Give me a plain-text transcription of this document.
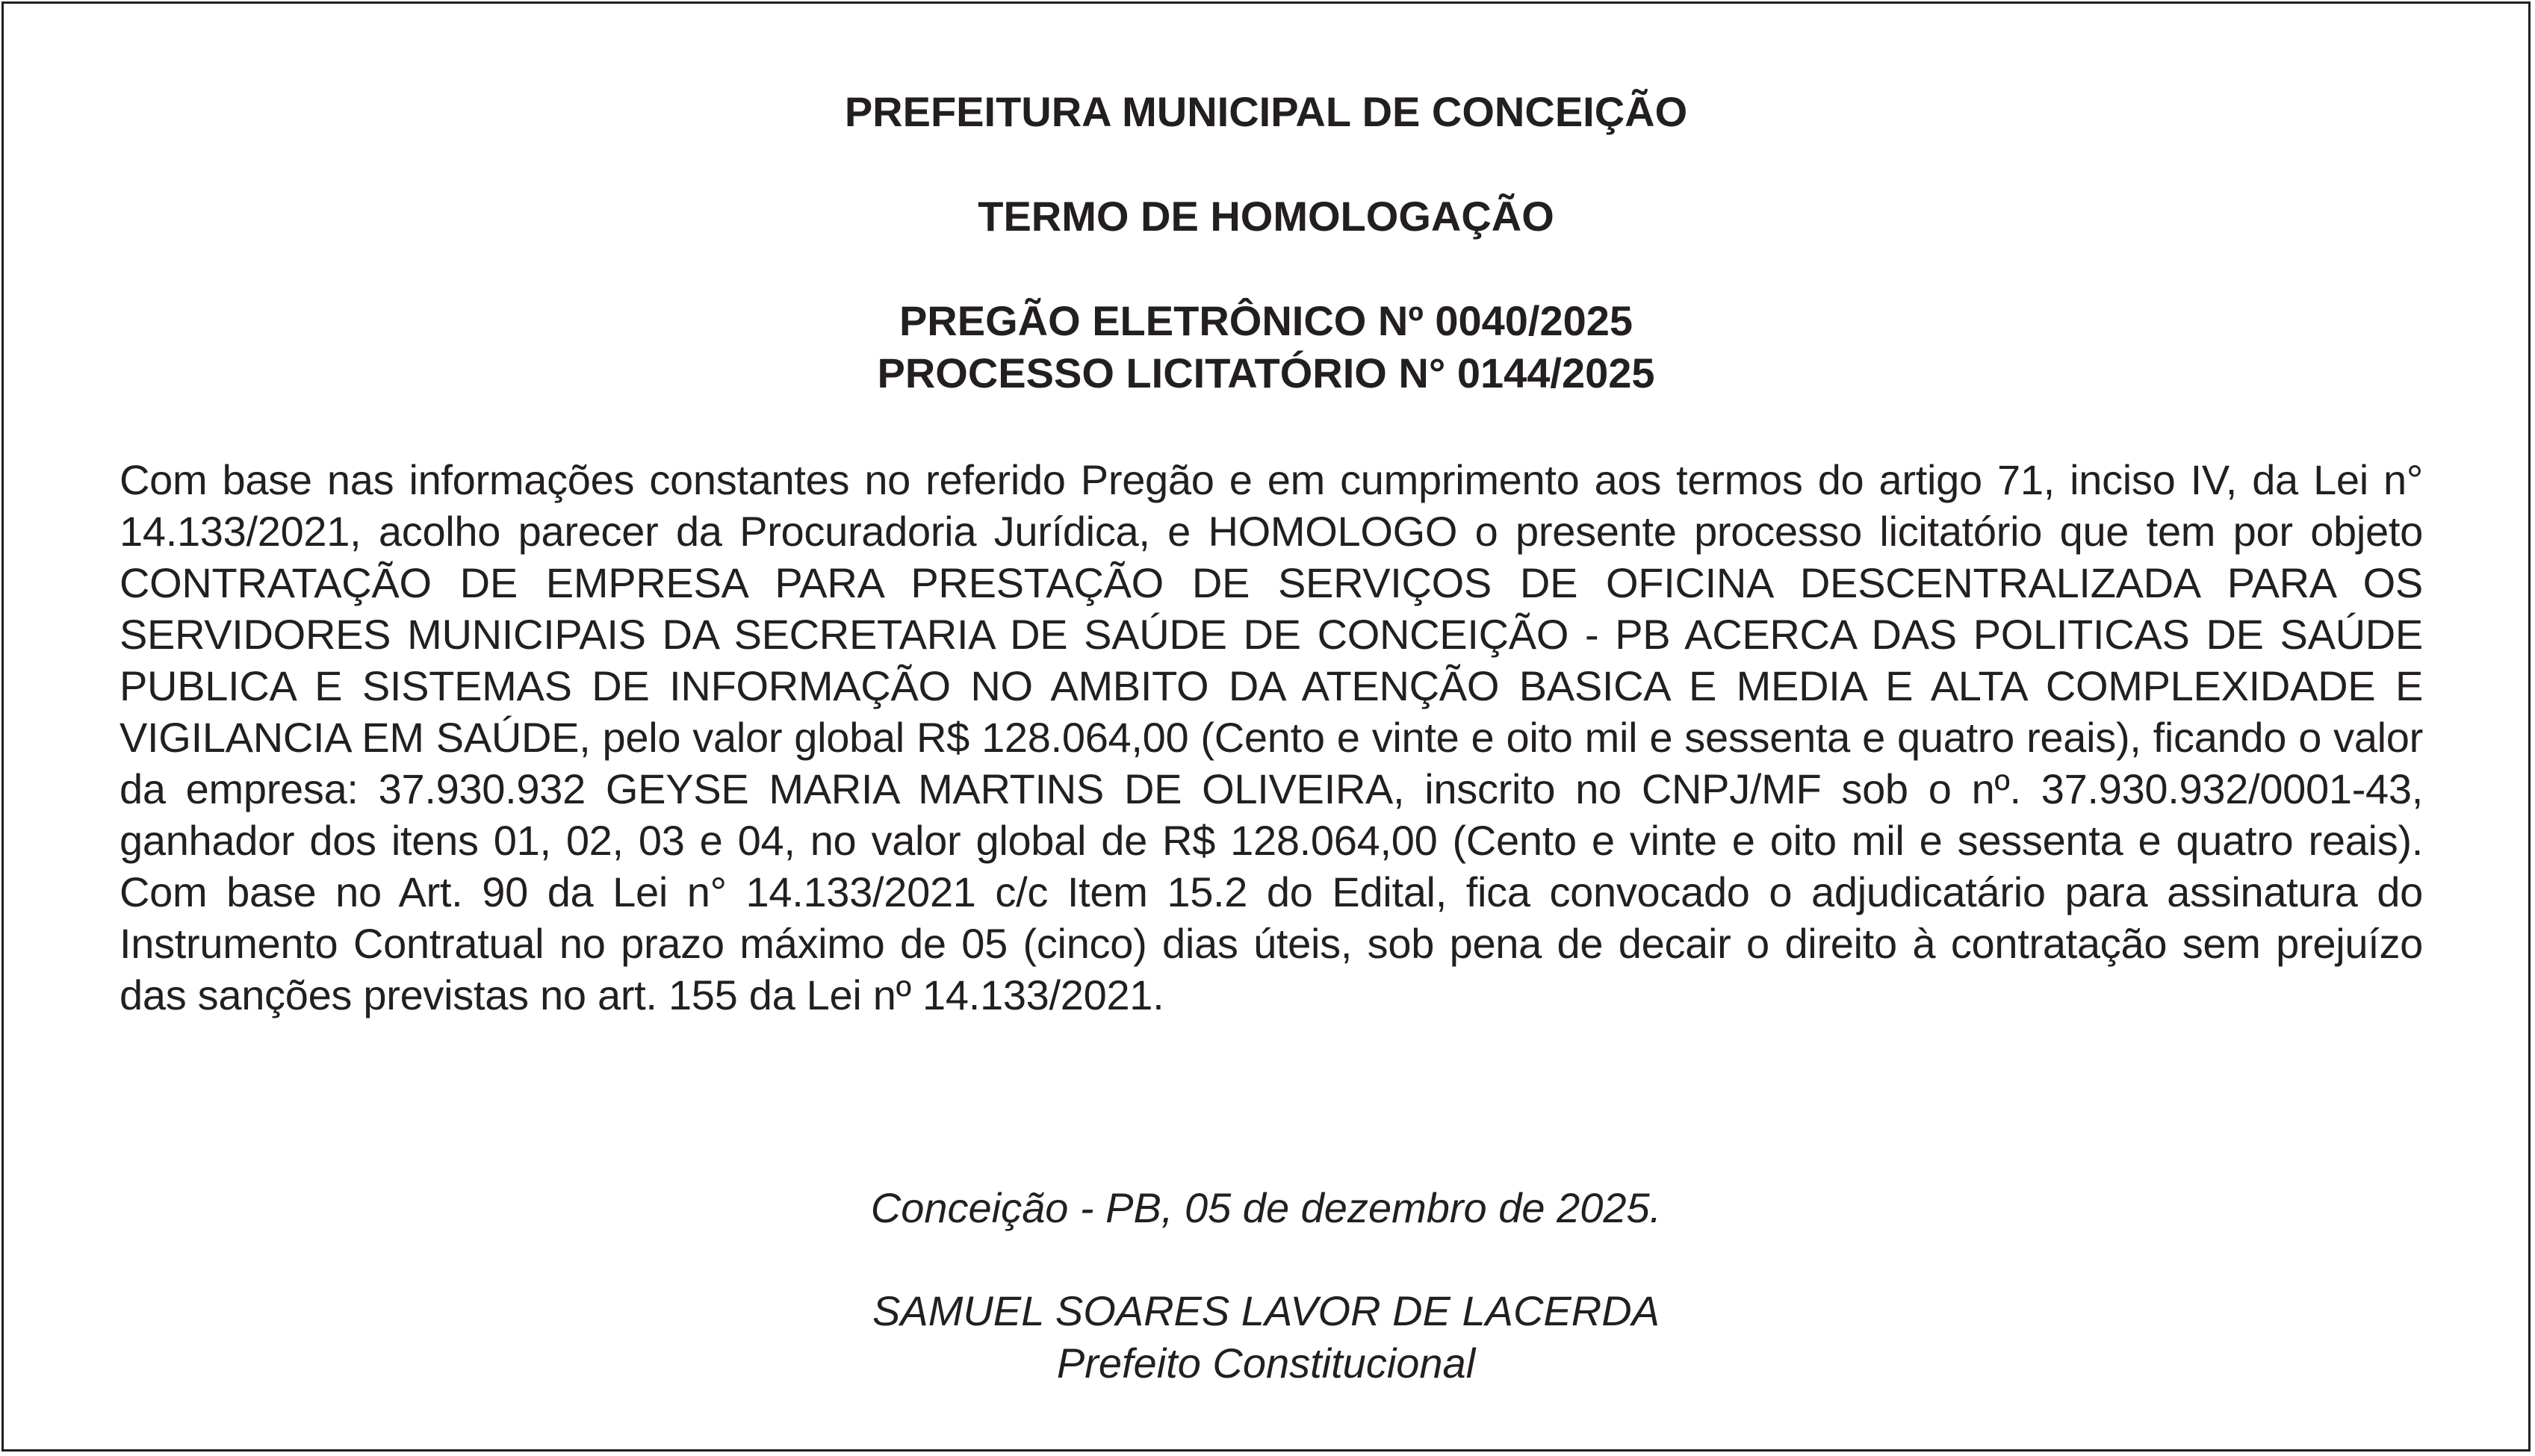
PREFEITURA MUNICIPAL DE CONCEIÇÃO
TERMO DE HOMOLOGAÇÃO
PREGÃO ELETRÔNICO Nº 0040/2025
PROCESSO LICITATÓRIO N° 0144/2025

Com base nas informações constantes no referido Pregão e em cumprimento aos termos do artigo 71, inciso IV, da Lei n° 14.133/2021, acolho parecer da Procuradoria Jurídica, e HOMOLOGO o presente processo licitatório que tem por objeto CONTRATAÇÃO DE EMPRESA PARA PRESTAÇÃO DE SERVIÇOS DE OFICINA DESCENTRALIZADA PARA OS SERVIDORES MUNICIPAIS DA SECRETARIA DE SAÚDE DE CONCEIÇÃO - PB ACERCA DAS POLITICAS DE SAÚDE PUBLICA E SISTEMAS DE INFORMAÇÃO NO AMBITO DA ATENÇÃO BASICA E MEDIA E ALTA COMPLEXIDADE E VIGILANCIA EM SAÚDE, pelo valor global R$ 128.064,00 (Cento e vinte e oito mil e sessenta e quatro reais), ficando o valor da empresa: 37.930.932 GEYSE MARIA MARTINS DE OLIVEIRA, inscrito no CNPJ/MF sob o nº. 37.930.932/0001-43, ganhador dos itens 01, 02, 03 e 04, no valor global de R$ 128.064,00 (Cento e vinte e oito mil e sessenta e quatro reais). Com base no Art. 90 da Lei n° 14.133/2021 c/c Item 15.2 do Edital, fica convocado o adjudicatário para assinatura do Instrumento Contratual no prazo máximo de 05 (cinco) dias úteis, sob pena de decair o direito à contratação sem prejuízo das sanções previstas no art. 155 da Lei nº 14.133/2021.

Conceição - PB, 05 de dezembro de 2025.

SAMUEL SOARES LAVOR DE LACERDA

Prefeito Constitucional
